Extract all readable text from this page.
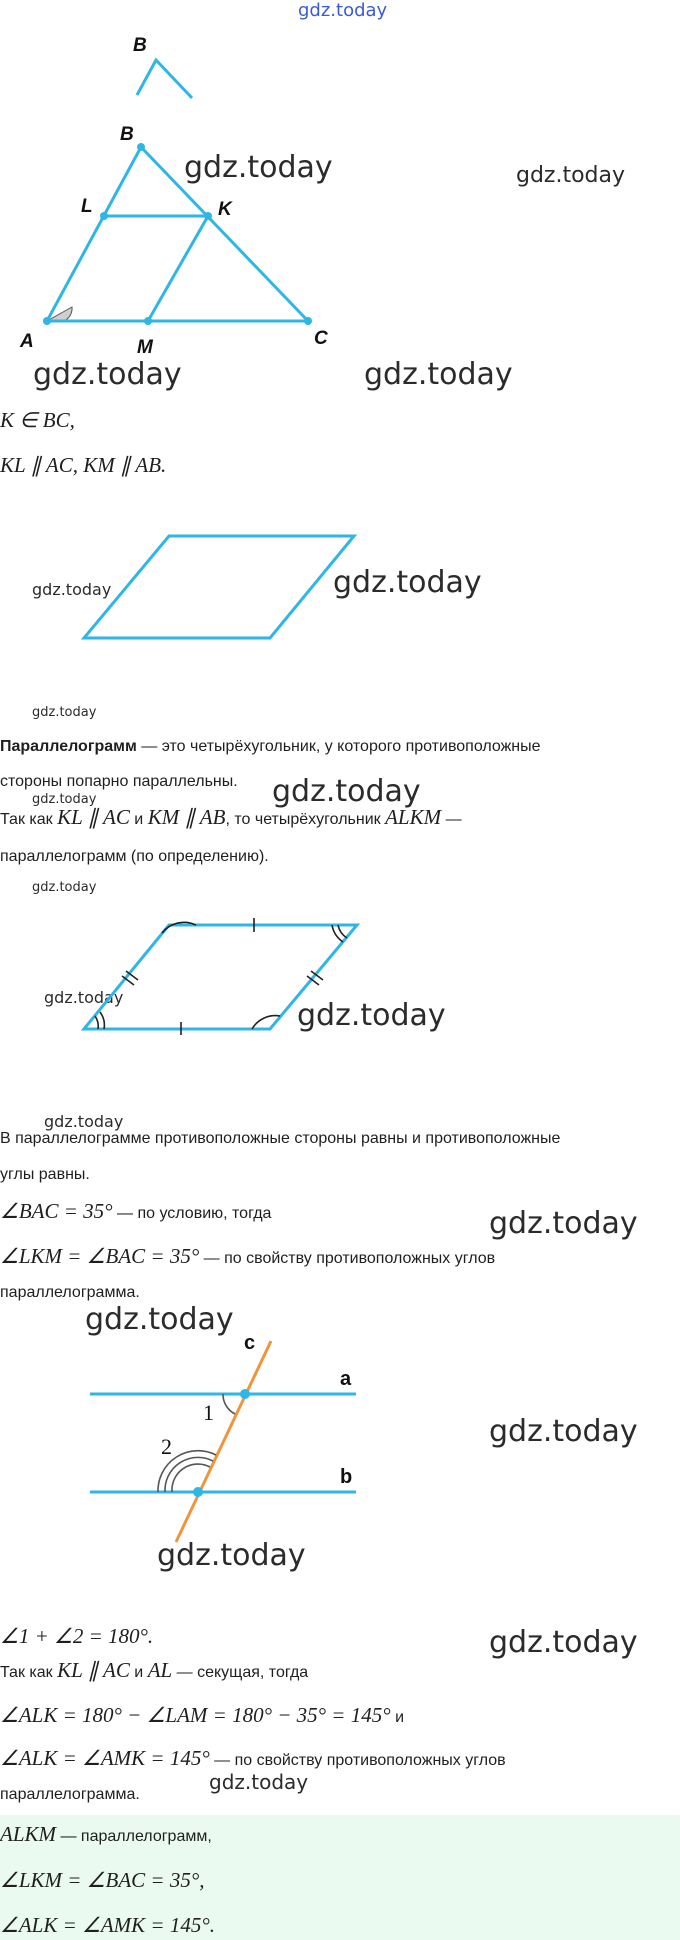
gdz.today
gdz.today	gdz.today
gdz.today	gdz.today
gdz.today
gdz.today
gdz.today
gdz.today
gdz.today
gdz.today
gdz.today
gdz.today
gdz.today
gdz.today
gdz.today
gdz.today
gdz.today
gdz.today
gdz.today
B
B
L	K
A	M	C
K ∈ BC,
KL ∥ AC, KM ∥ AB.
Параллелограмм — это четырёхугольник, у которого противоположные
стороны попарно параллельны.
Так как KL ∥ AC и KM ∥ AB, то четырёхугольник ALKM —
параллелограмм (по определению).
В параллелограмме противоположные стороны равны и противоположные
углы равны.
∠BAC = 35° — по условию, тогда
∠LKM = ∠BAC = 35° — по свойству противоположных углов
параллелограмма.
c
a
b
1
2
∠1 + ∠2 = 180°.
Так как KL ∥ AC и AL — секущая, тогда
∠ALK = 180° − ∠LAM = 180° − 35° = 145° и
∠ALK = ∠AMK = 145° — по свойству противоположных углов
параллелограмма.
ALKM — параллелограмм,
∠LKM = ∠BAC = 35°,
∠ALK = ∠AMK = 145°.
